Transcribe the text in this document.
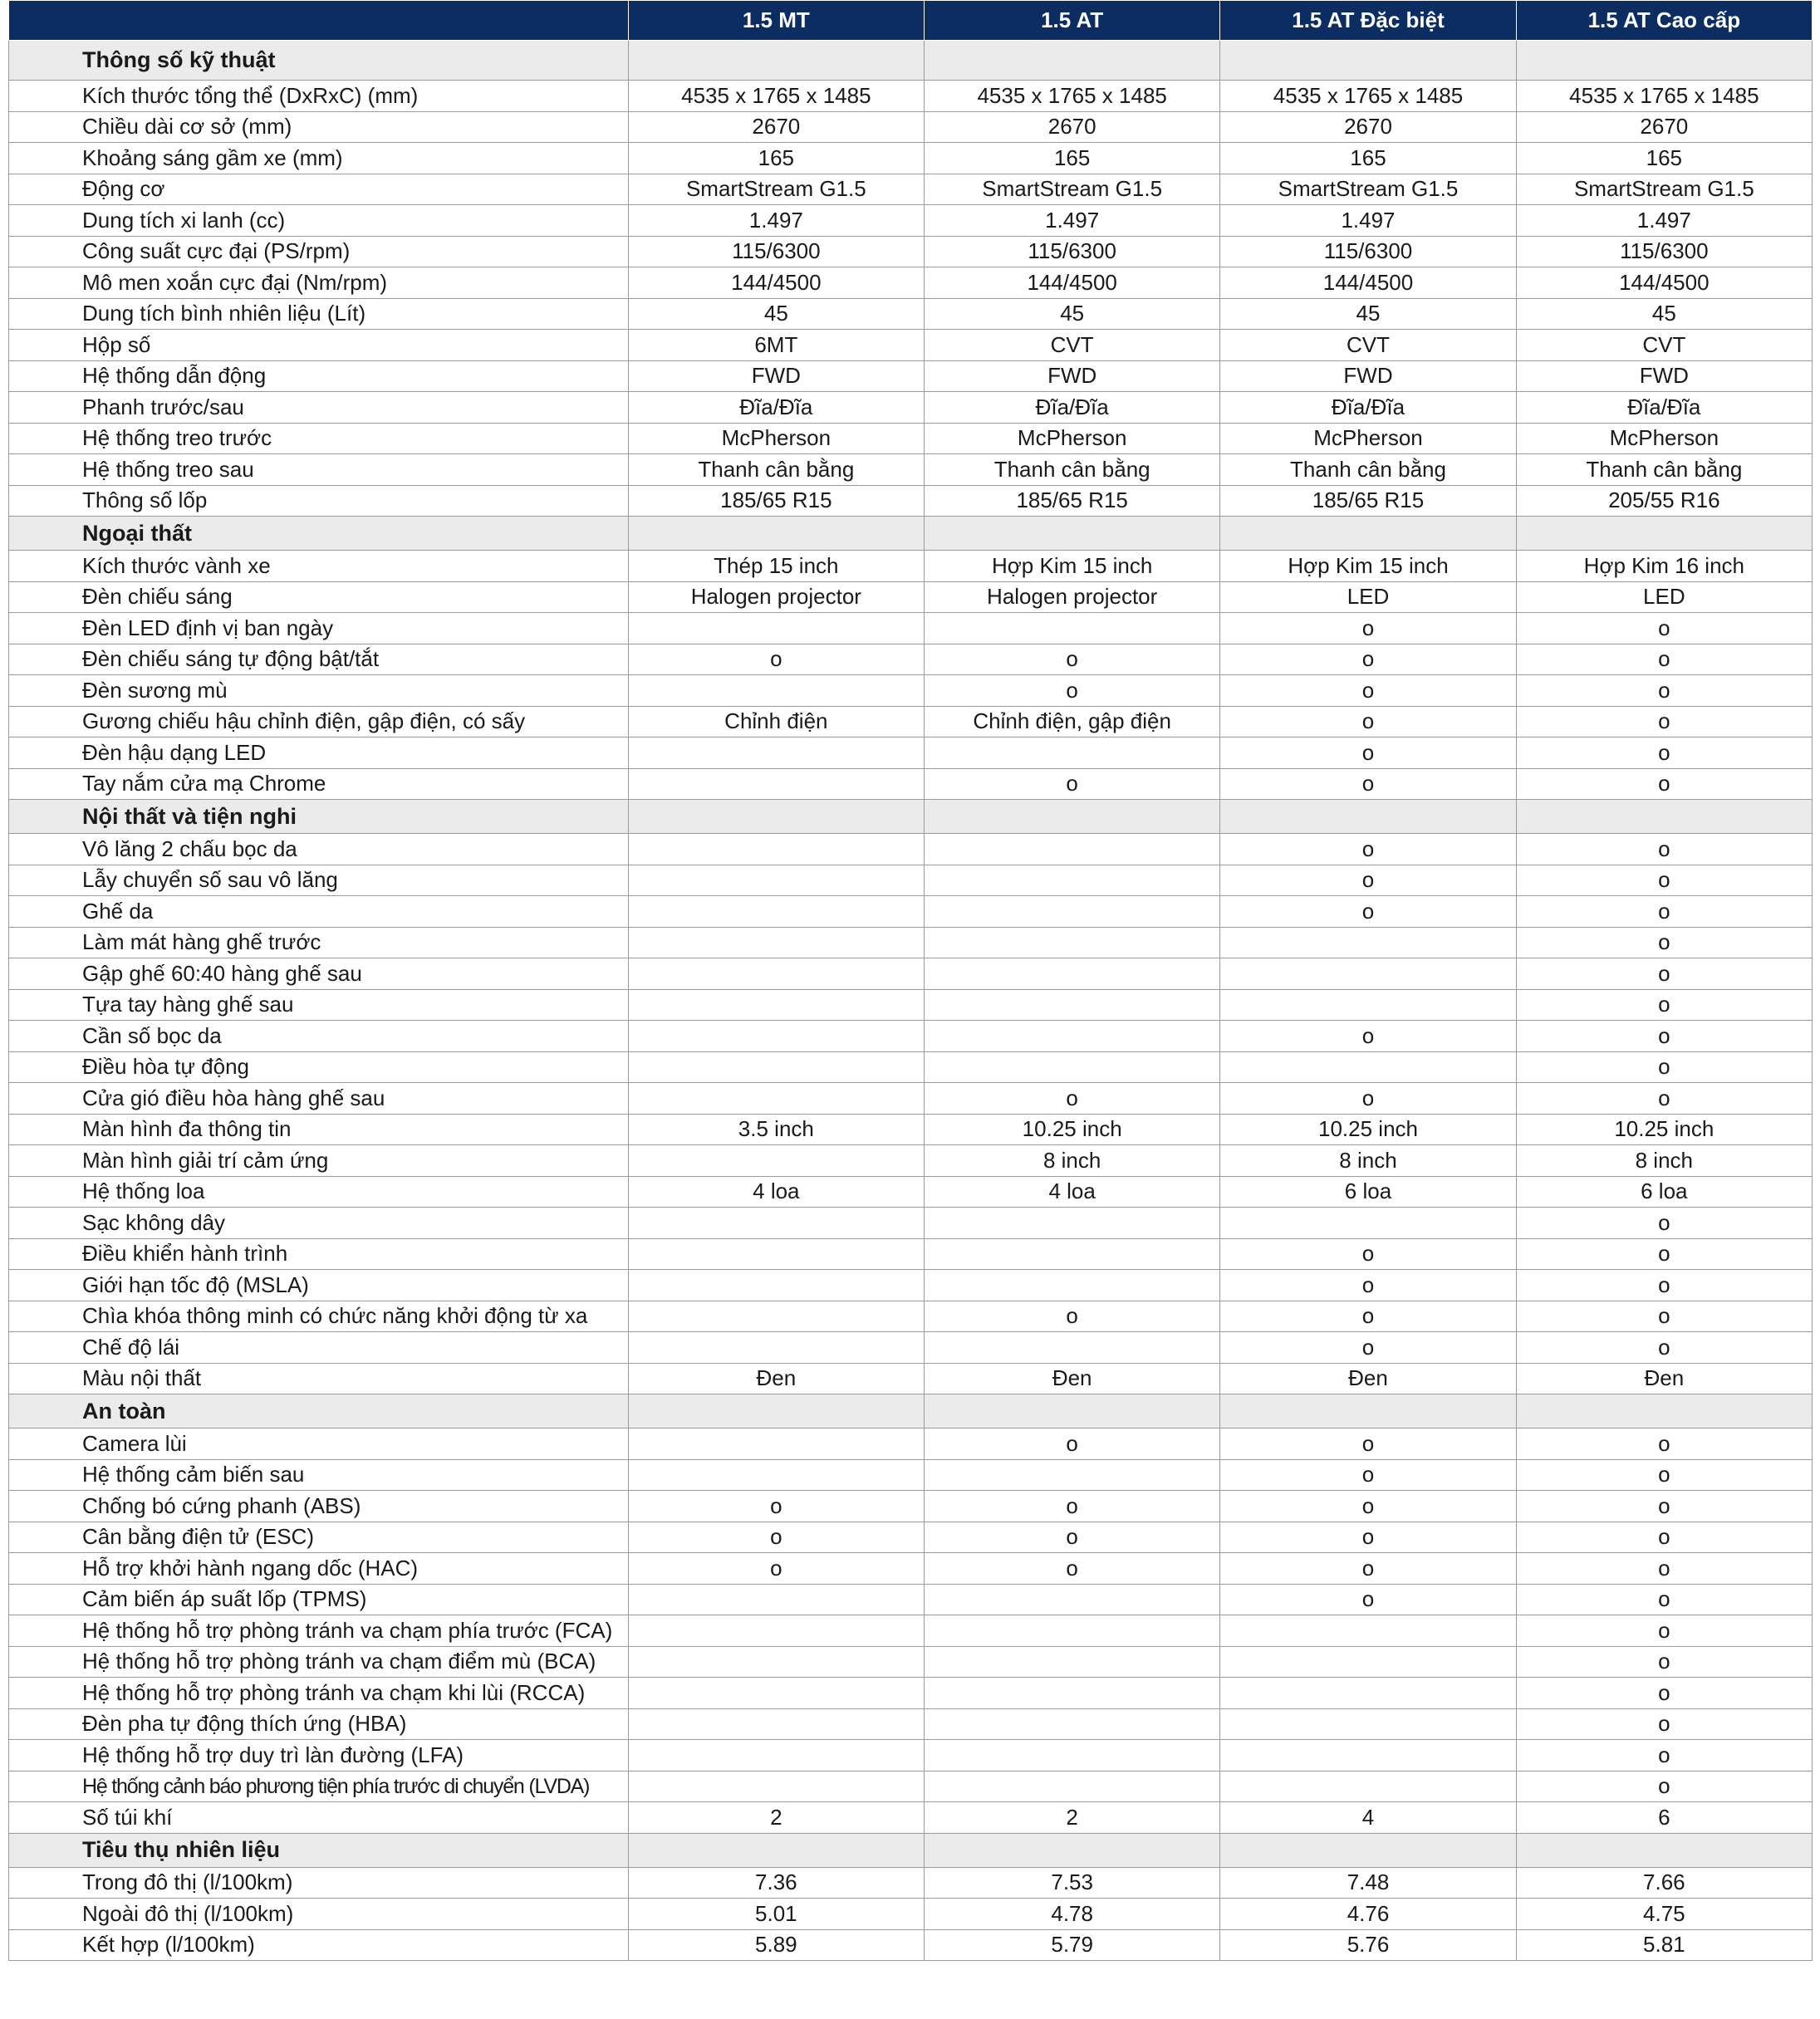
	1.5 MT	1.5 AT	1.5 AT Đặc biệt	1.5 AT Cao cấp
Thông số kỹ thuật				
Kích thước tổng thể (DxRxC) (mm)	4535 x 1765 x 1485	4535 x 1765 x 1485	4535 x 1765 x 1485	4535 x 1765 x 1485
Chiều dài cơ sở (mm)	2670	2670	2670	2670
Khoảng sáng gầm xe (mm)	165	165	165	165
Động cơ	SmartStream G1.5	SmartStream G1.5	SmartStream G1.5	SmartStream G1.5
Dung tích xi lanh (cc)	1.497	1.497	1.497	1.497
Công suất cực đại (PS/rpm)	115/6300	115/6300	115/6300	115/6300
Mô men xoắn cực đại (Nm/rpm)	144/4500	144/4500	144/4500	144/4500
Dung tích bình nhiên liệu (Lít)	45	45	45	45
Hộp số	6MT	CVT	CVT	CVT
Hệ thống dẫn động	FWD	FWD	FWD	FWD
Phanh trước/sau	Đĩa/Đĩa	Đĩa/Đĩa	Đĩa/Đĩa	Đĩa/Đĩa
Hệ thống treo trước	McPherson	McPherson	McPherson	McPherson
Hệ thống treo sau	Thanh cân bằng	Thanh cân bằng	Thanh cân bằng	Thanh cân bằng
Thông số lốp	185/65 R15	185/65 R15	185/65 R15	205/55 R16
Ngoại thất				
Kích thước vành xe	Thép 15 inch	Hợp Kim 15 inch	Hợp Kim 15 inch	Hợp Kim 16 inch
Đèn chiếu sáng	Halogen projector	Halogen projector	LED	LED
Đèn LED định vị ban ngày			o	o
Đèn chiếu sáng tự động bật/tắt	o	o	o	o
Đèn sương mù		o	o	o
Gương chiếu hậu chỉnh điện, gập điện, có sấy	Chỉnh điện	Chỉnh điện, gập điện	o	o
Đèn hậu dạng LED			o	o
Tay nắm cửa mạ Chrome		o	o	o
Nội thất và tiện nghi				
Vô lăng 2 chấu bọc da			o	o
Lẫy chuyển số sau vô lăng			o	o
Ghế da			o	o
Làm mát hàng ghế trước				o
Gập ghế 60:40 hàng ghế sau				o
Tựa tay hàng ghế sau				o
Cần số bọc da			o	o
Điều hòa tự động				o
Cửa gió điều hòa hàng ghế sau		o	o	o
Màn hình đa thông tin	3.5 inch	10.25 inch	10.25 inch	10.25 inch
Màn hình giải trí cảm ứng		8 inch	8 inch	8 inch
Hệ thống loa	4 loa	4 loa	6 loa	6 loa
Sạc không dây				o
Điều khiển hành trình			o	o
Giới hạn tốc độ (MSLA)			o	o
Chìa khóa thông minh có chức năng khởi động từ xa		o	o	o
Chế độ lái			o	o
Màu nội thất	Đen	Đen	Đen	Đen
An toàn				
Camera lùi		o	o	o
Hệ thống cảm biến sau			o	o
Chống bó cứng phanh (ABS)	o	o	o	o
Cân bằng điện tử (ESC)	o	o	o	o
Hỗ trợ khởi hành ngang dốc (HAC)	o	o	o	o
Cảm biến áp suất lốp (TPMS)			o	o
Hệ thống hỗ trợ phòng tránh va chạm phía trước (FCA)				o
Hệ thống hỗ trợ phòng tránh va chạm điểm mù (BCA)				o
Hệ thống hỗ trợ phòng tránh va chạm khi lùi (RCCA)				o
Đèn pha tự động thích ứng (HBA)				o
Hệ thống hỗ trợ duy trì làn đường (LFA)				o
Hệ thống cảnh báo phương tiện phía trước di chuyển (LVDA)				o
Số túi khí	2	2	4	6
Tiêu thụ nhiên liệu				
Trong đô thị (l/100km)	7.36	7.53	7.48	7.66
Ngoài đô thị (l/100km)	5.01	4.78	4.76	4.75
Kết hợp (l/100km)	5.89	5.79	5.76	5.81
